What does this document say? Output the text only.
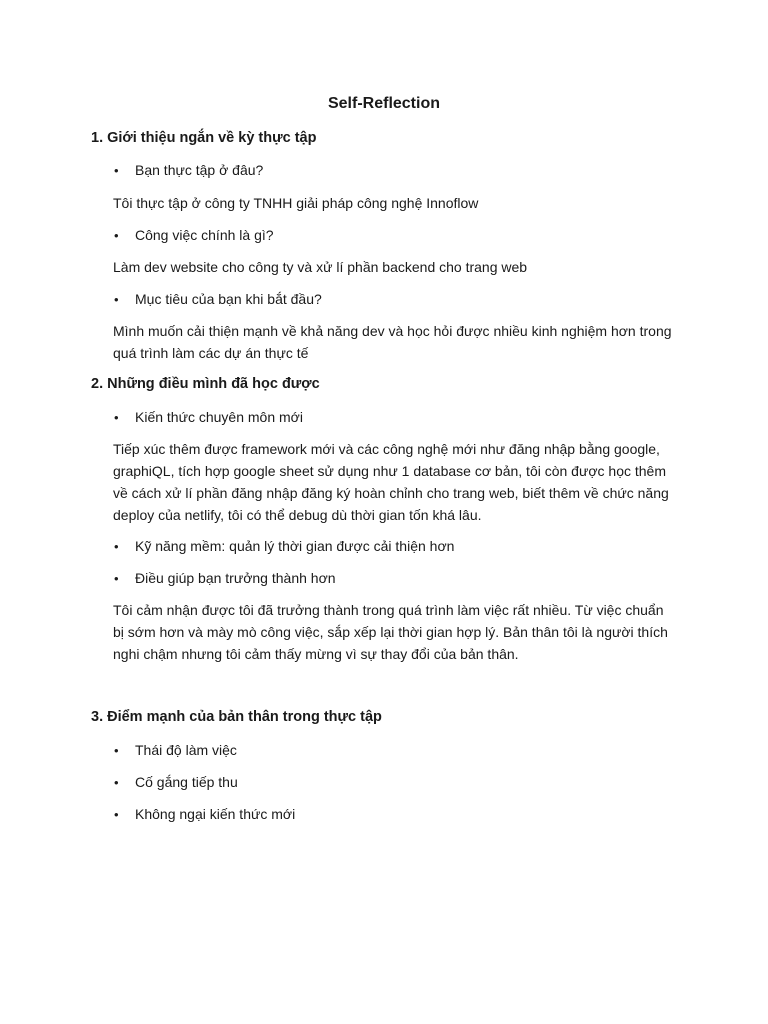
Self-Reflection
1. Giới thiệu ngắn về kỳ thực tập
• Bạn thực tập ở đâu?
Tôi thực tập ở công ty TNHH giải pháp công nghệ Innoflow
• Công việc chính là gì?
Làm dev website cho công ty và xử lí phần backend cho trang web
• Mục tiêu của bạn khi bắt đầu?
Mình muốn cải thiện mạnh về khả năng dev và học hỏi được nhiều kinh nghiệm hơn trong quá trình làm các dự án thực tế
2. Những điều mình đã học được
• Kiến thức chuyên môn mới
Tiếp xúc thêm được framework mới và các công nghệ mới như đăng nhập bằng google, graphiQL, tích hợp google sheet sử dụng như 1 database cơ bản, tôi còn được học thêm về cách xử lí phần đăng nhập đăng ký hoàn chỉnh cho trang web, biết thêm về chức năng deploy của netlify, tôi có thể debug dù thời gian tốn khá lâu.
• Kỹ năng mềm: quản lý thời gian được cải thiện hơn
• Điều giúp bạn trưởng thành hơn
Tôi cảm nhận được tôi đã trưởng thành trong quá trình làm việc rất nhiều. Từ việc chuẩn bị sớm hơn và mày mò công việc, sắp xếp lại thời gian hợp lý. Bản thân tôi là người thích nghi chậm nhưng tôi cảm thấy mừng vì sự thay đổi của bản thân.
3. Điểm mạnh của bản thân trong thực tập
• Thái độ làm việc
• Cố gắng tiếp thu
• Không ngại kiến thức mới
